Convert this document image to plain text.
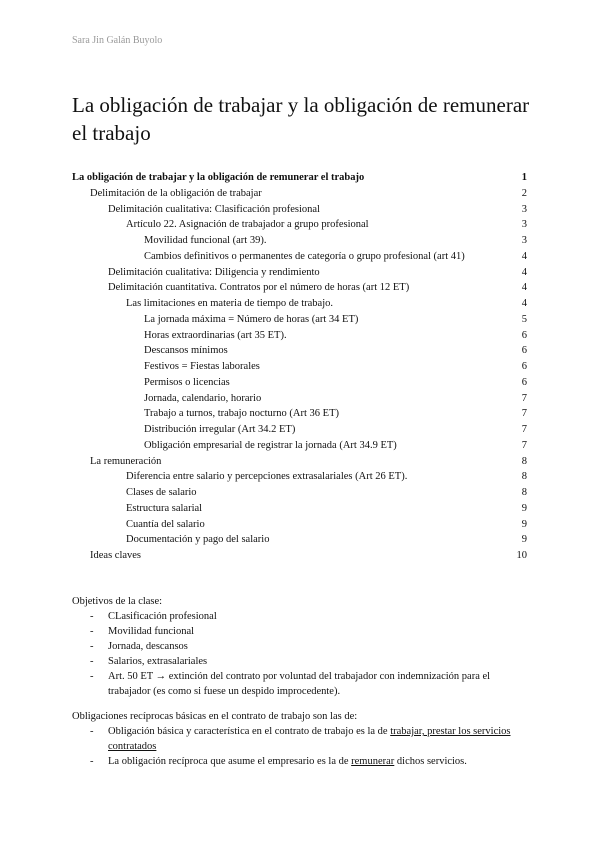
Sara Jin Galán Buyolo
La obligación de trabajar y la obligación de remunerar el trabajo
La obligación de trabajar y la obligación de remunerar el trabajo	1
Delimitación de la obligación de trabajar	2
Delimitación cualitativa: Clasificación profesional	3
Artículo 22. Asignación de trabajador a grupo profesional	3
Movilidad funcional (art 39).	3
Cambios definitivos o permanentes de categoría o grupo profesional (art 41)	4
Delimitación cualitativa: Diligencia y rendimiento	4
Delimitación cuantitativa. Contratos por el número de horas (art 12 ET)	4
Las limitaciones en materia de tiempo de trabajo.	4
La jornada máxima = Número de horas (art 34 ET)	5
Horas extraordinarias (art 35 ET).	6
Descansos mínimos	6
Festivos = Fiestas laborales	6
Permisos o licencias	6
Jornada, calendario, horario	7
Trabajo a turnos, trabajo nocturno (Art 36 ET)	7
Distribución irregular (Art 34.2 ET)	7
Obligación empresarial de registrar la jornada (Art 34.9 ET)	7
La remuneración	8
Diferencia entre salario y percepciones extrasalariales (Art 26 ET).	8
Clases de salario	8
Estructura salarial	9
Cuantía del salario	9
Documentación y pago del salario	9
Ideas claves	10

Objetivos de la clase:

- CLasificación profesional
- Movilidad funcional
- Jornada, descansos
- Salarios, extrasalariales
- Art. 50 ET → extinción del contrato por voluntad del trabajador con indemnización para el trabajador (es como si fuese un despido improcedente).

Obligaciones recíprocas básicas en el contrato de trabajo son las de:

- Obligación básica y característica en el contrato de trabajo es la de trabajar, prestar los servicios contratados
- La obligación recíproca que asume el empresario es la de remunerar dichos servicios.
